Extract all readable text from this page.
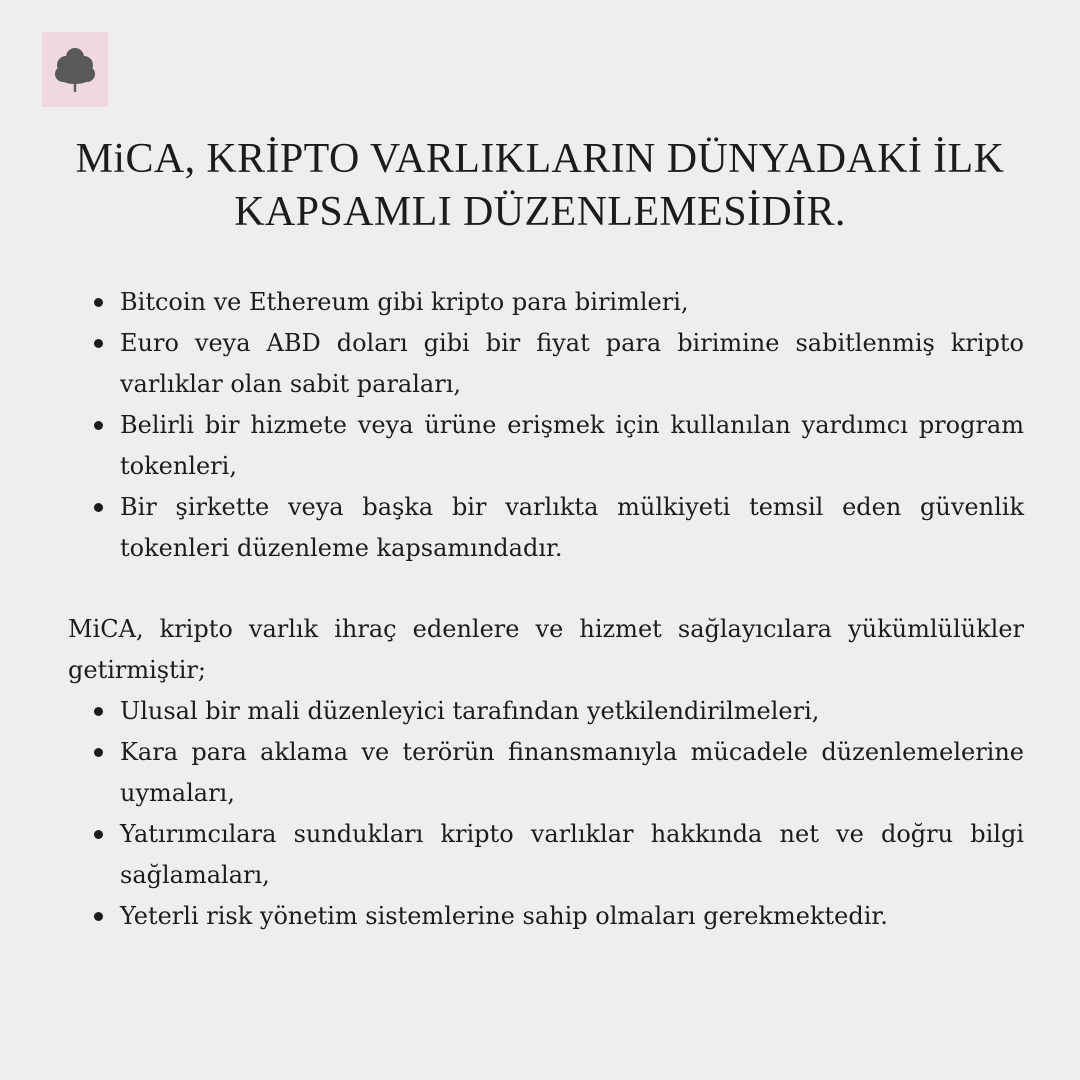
MiCA, KRİPTO VARLIKLARIN DÜNYADAKİ İLK KAPSAMLI DÜZENLEMESİDİR.
Bitcoin ve Ethereum gibi kripto para birimleri,
Euro veya ABD doları gibi bir fiyat para birimine sabitlenmiş kripto varlıklar olan sabit paraları,
Belirli bir hizmete veya ürüne erişmek için kullanılan yardımcı program tokenleri,
Bir şirkette veya başka bir varlıkta mülkiyeti temsil eden güvenlik tokenleri düzenleme kapsamındadır.

MiCA, kripto varlık ihraç edenlere ve hizmet sağlayıcılara yükümlülükler getirmiştir;

Ulusal bir mali düzenleyici tarafından yetkilendirilmeleri,
Kara para aklama ve terörün finansmanıyla mücadele düzenlemelerine uymaları,
Yatırımcılara sundukları kripto varlıklar hakkında net ve doğru bilgi sağlamaları,
Yeterli risk yönetim sistemlerine sahip olmaları gerekmektedir.
